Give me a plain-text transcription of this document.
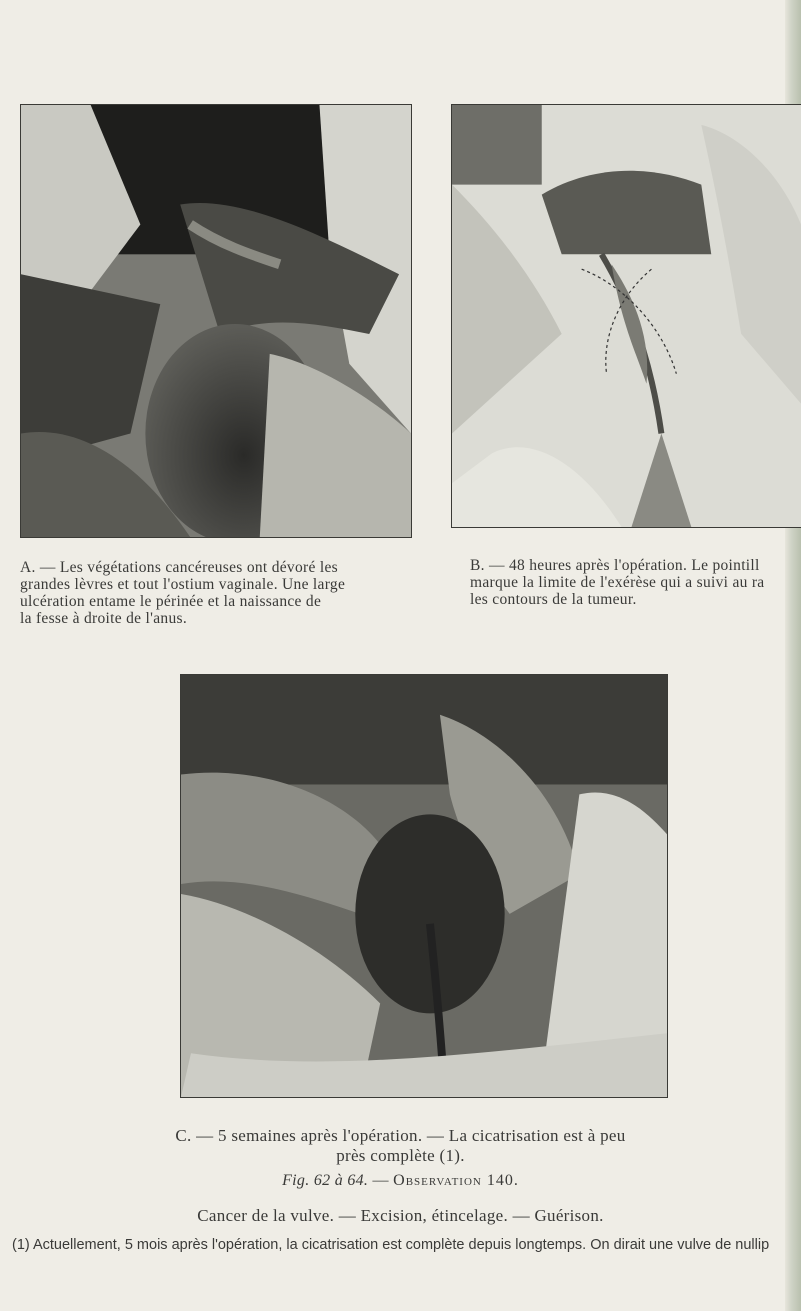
A. — Les végétations cancéreuses ont dévoré les
grandes lèvres et tout l'ostium vaginale. Une large
ulcération entame le périnée et la naissance de
la fesse à droite de l'anus.
B. — 48 heures après l'opération. Le pointill
marque la limite de l'exérèse qui a suivi au ra
les contours de la tumeur.
C. — 5 semaines après l'opération. — La cicatrisation est à peu
près complète (1).
Fig. 62 à 64. — Observation 140.
Cancer de la vulve. — Excision, étincelage. — Guérison.
(1) Actuellement, 5 mois après l'opération, la cicatrisation est complète depuis longtemps. On dirait une vulve de nullip
